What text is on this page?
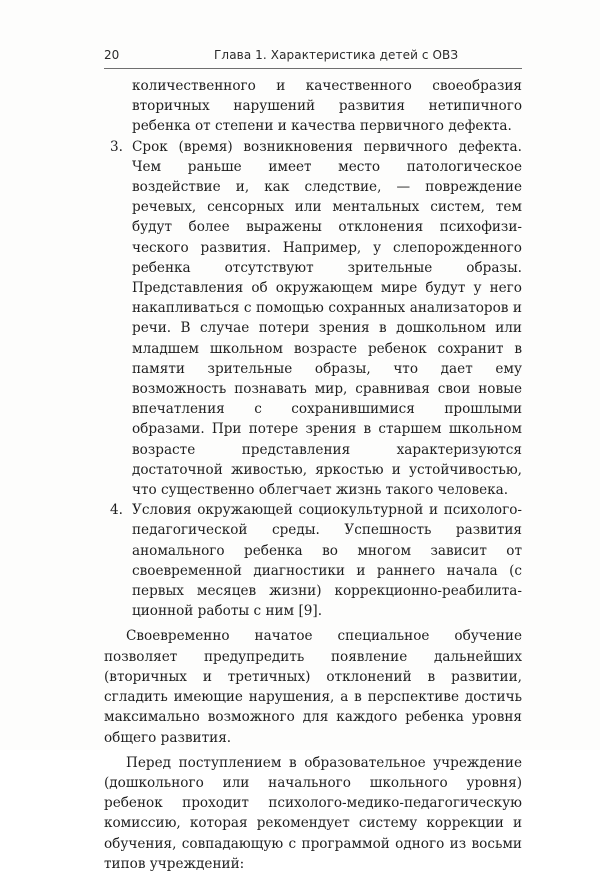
20	Глава 1. Характеристика детей с ОВЗ

количественного и качественного своеобразия вторичных нарушений развития нетипичного ребенка от степени и качества первичного дефекта.

3. Срок (время) возникновения первичного дефекта. Чем раньше имеет место патологическое воздействие и, как следствие, — повреждение речевых, сенсорных или ментальных систем, тем будут более выражены отклонения психофизического развития. Например, у слепорожденного ребенка отсутствуют зрительные образы. Представления об окружающем мире будут у него накапливаться с помощью сохранных анализаторов и речи. В случае потери зрения в дошкольном или младшем школьном возрасте ребенок сохранит в памяти зрительные образы, что дает ему возможность познавать мир, сравнивая свои новые впечатления с сохранившимися прошлыми образами. При потере зрения в старшем школьном возрасте представления характеризуются достаточной живостью, яркостью и устойчивостью, что существенно облегчает жизнь такого человека.

4. Условия окружающей социокультурной и психолого-педагогической среды. Успешность развития аномального ребенка во многом зависит от своевременной диагностики и раннего начала (с первых месяцев жизни) коррекционно-реабилитационной работы с ним [9].

Своевременно начатое специальное обучение позволяет предупредить появление дальнейших (вторичных и третичных) отклонений в развитии, сгладить имеющие нарушения, а в перспективе достичь максимально возможного для каждого ребенка уровня общего развития.

Перед поступлением в образовательное учреждение (дошкольного или начального школьного уровня) ребенок проходит психолого-медико-педагогическую комиссию, которая рекомендует систему коррекции и обучения, совпадающую с программой одного из восьми типов учреждений:
